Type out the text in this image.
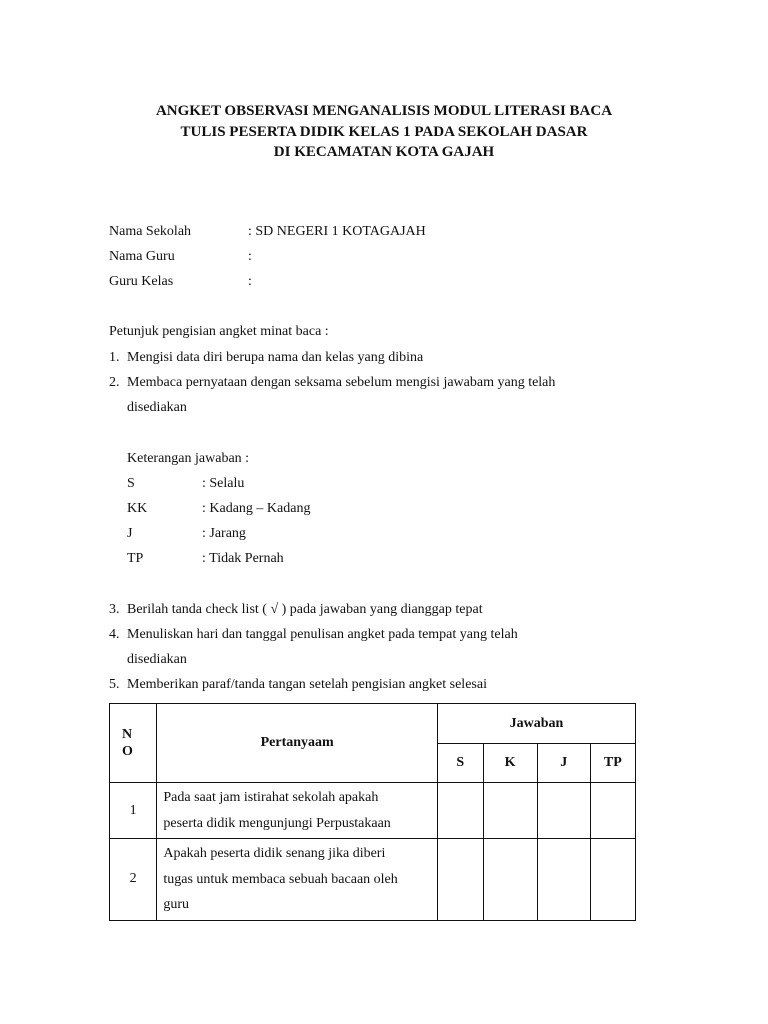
ANGKET OBSERVASI MENGANALISIS MODUL LITERASI BACA
TULIS PESERTA DIDIK KELAS 1 PADA SEKOLAH DASAR
DI KECAMATAN KOTA GAJAH
Nama Sekolah	: SD NEGERI 1 KOTAGAJAH
Nama Guru	:
Guru Kelas	:
Petunjuk pengisian angket minat baca :
1. Mengisi data diri berupa nama dan kelas yang dibina
2. Membaca pernyataan dengan seksama sebelum mengisi jawabam yang telah
disediakan
Keterangan jawaban :
S	: Selalu
KK	: Kadang – Kadang
J	: Jarang
TP	: Tidak Pernah
3. Berilah tanda check list ( √ ) pada jawaban yang dianggap tepat
4. Menuliskan hari dan tanggal penulisan angket pada tempat yang telah
disediakan
5. Memberikan paraf/tanda tangan setelah pengisian angket selesai
N
O	Pertanyaam	Jawaban			
		S	K	J	TP
1	Pada saat jam istirahat sekolah apakah
peserta didik mengunjungi Perpustakaan				

2	Apakah peserta didik senang jika diberi
tugas untuk membaca sebuah bacaan oleh
guru				
